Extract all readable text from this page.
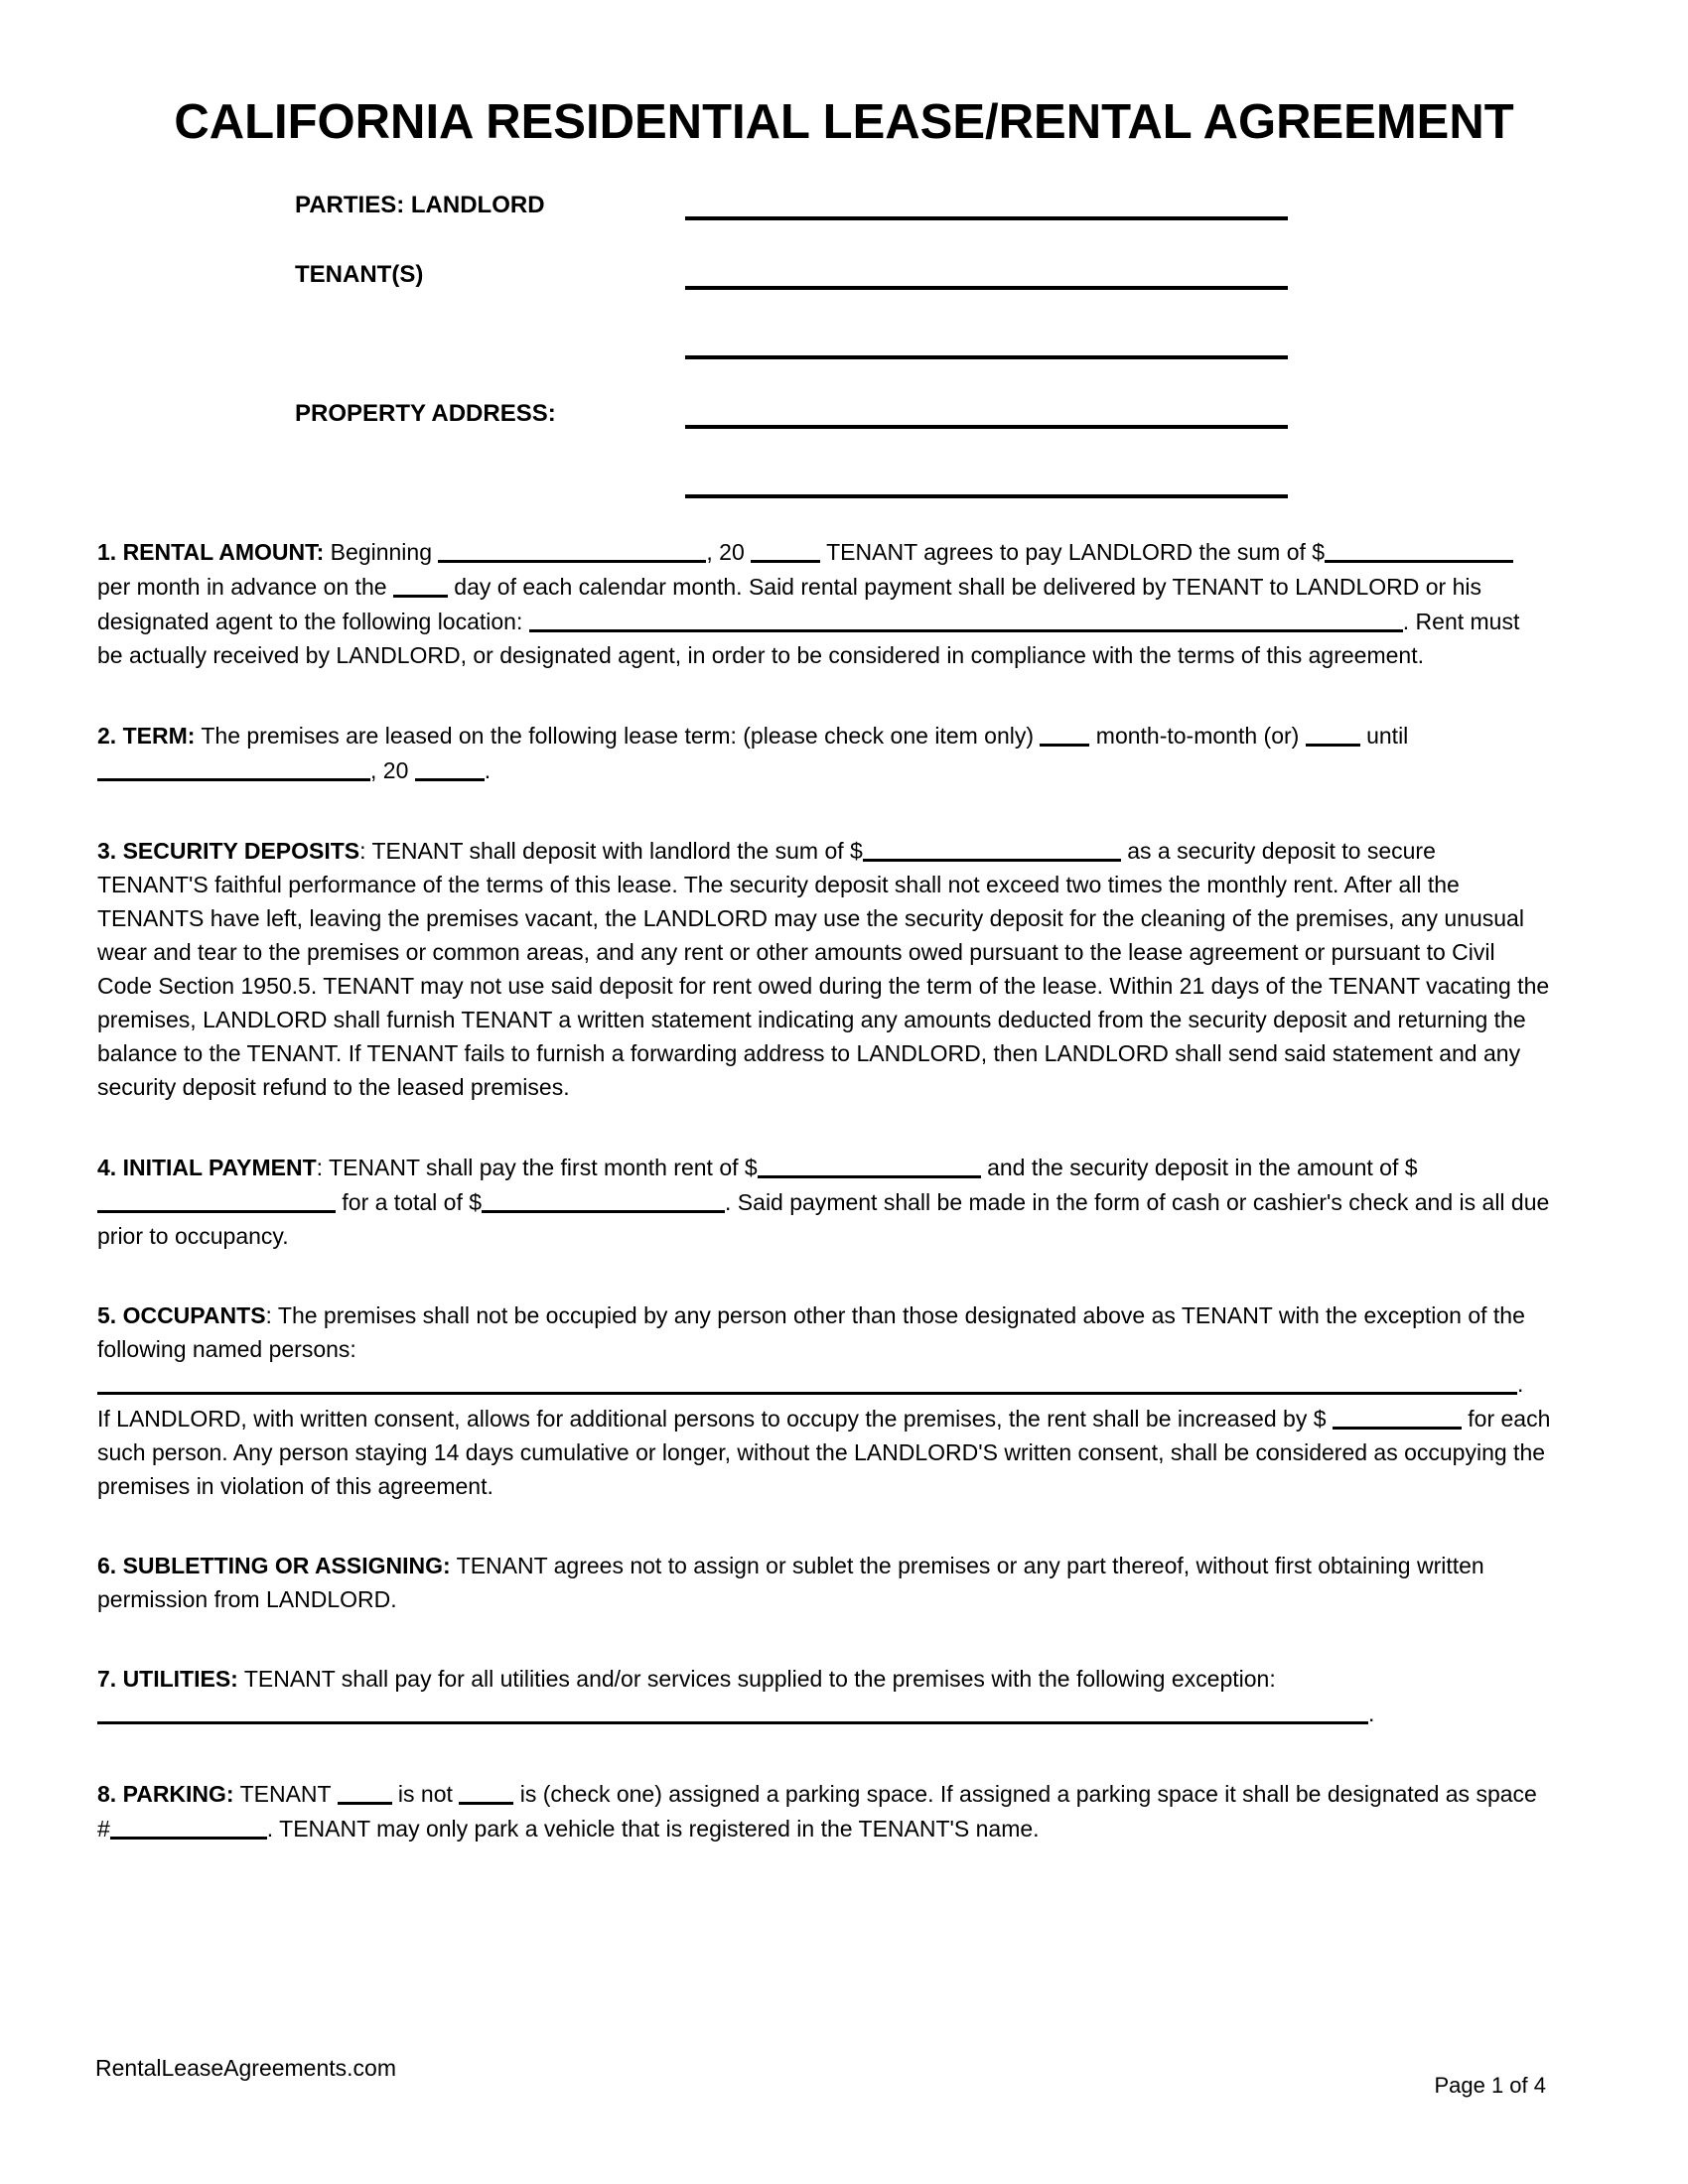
CALIFORNIA RESIDENTIAL LEASE/RENTAL AGREEMENT
PARTIES: LANDLORD
TENANT(S)
PROPERTY ADDRESS:

1. RENTAL AMOUNT: Beginning	, 20	TENANT agrees to pay LANDLORD the sum of $ per month in advance on the  day of each calendar month. Said rental payment shall be delivered by TENANT to LANDLORD or his designated agent to the following location:	. Rent must be actually received by LANDLORD, or designated agent, in order to be considered in compliance with the terms of this agreement.

2. TERM: The premises are leased on the following lease term: (please check one item only)  month-to-month (or)  until , 20	.

3. SECURITY DEPOSITS: TENANT shall deposit with landlord the sum of $	as a security deposit to secure TENANT'S faithful performance of the terms of this lease. The security deposit shall not exceed two times the monthly rent. After all the TENANTS have left, leaving the premises vacant, the LANDLORD may use the security deposit for the cleaning of the premises, any unusual wear and tear to the premises or common areas, and any rent or other amounts owed pursuant to the lease agreement or pursuant to Civil Code Section 1950.5. TENANT may not use said deposit for rent owed during the term of the lease. Within 21 days of the TENANT vacating the premises, LANDLORD shall furnish TENANT a written statement indicating any amounts deducted from the security deposit and returning the balance to the TENANT. If TENANT fails to furnish a forwarding address to LANDLORD, then LANDLORD shall send said statement and any security deposit refund to the leased premises.

4. INITIAL PAYMENT: TENANT shall pay the first month rent of $	and the security deposit in the amount of $ for a total of $	. Said payment shall be made in the form of cash or cashier's check and is all due prior to occupancy.

5. OCCUPANTS: The premises shall not be occupied by any person other than those designated above as TENANT with the exception of the following named persons:
.
If LANDLORD, with written consent, allows for additional persons to occupy the premises, the rent shall be increased by $	for each such person. Any person staying 14 days cumulative or longer, without the LANDLORD'S written consent, shall be considered as occupying the premises in violation of this agreement.

6. SUBLETTING OR ASSIGNING: TENANT agrees not to assign or sublet the premises or any part thereof, without first obtaining written permission from LANDLORD.

7. UTILITIES: TENANT shall pay for all utilities and/or services supplied to the premises with the following exception: .

8. PARKING: TENANT  is not  is (check one) assigned a parking space. If assigned a parking space it shall be designated as space #	. TENANT may only park a vehicle that is registered in the TENANT'S name.

RentalLeaseAgreements.com
Page 1 of 4
